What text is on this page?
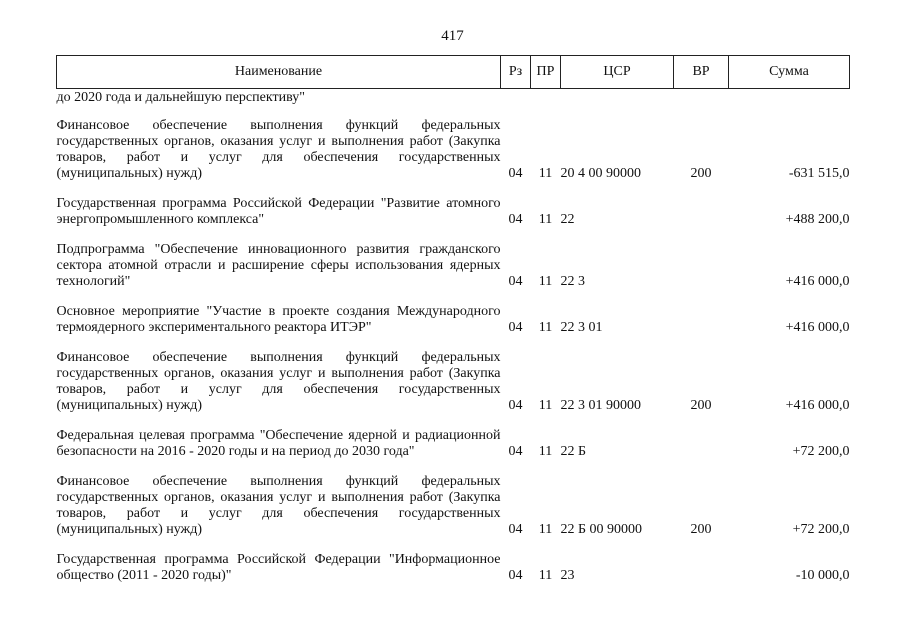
417
Наименование	Рз	ПР	ЦСР	ВР	Сумма
до 2020 года и дальнейшую перспективу"					
Финансовое обеспечение выполнения функций федеральных государственных органов, оказания услуг и выполнения работ (Закупка товаров, работ и услуг для обеспечения государственных (муниципальных) нужд)	04	11	20 4 00 90000	200	-631 515,0
Государственная программа Российской Федерации "Развитие атомного энергопромышленного комплекса"	04	11	22		+488 200,0
Подпрограмма "Обеспечение инновационного развития гражданского сектора атомной отрасли и расширение сферы использования ядерных технологий"	04	11	22 3		+416 000,0
Основное мероприятие "Участие в проекте создания Международного термоядерного экспериментального реактора ИТЭР"	04	11	22 3 01		+416 000,0
Финансовое обеспечение выполнения функций федеральных государственных органов, оказания услуг и выполнения работ (Закупка товаров, работ и услуг для обеспечения государственных (муниципальных) нужд)	04	11	22 3 01 90000	200	+416 000,0
Федеральная целевая программа "Обеспечение ядерной и радиационной безопасности на 2016 - 2020 годы и на период до 2030 года"	04	11	22 Б		+72 200,0
Финансовое обеспечение выполнения функций федеральных государственных органов, оказания услуг и выполнения работ (Закупка товаров, работ и услуг для обеспечения государственных (муниципальных) нужд)	04	11	22 Б 00 90000	200	+72 200,0
Государственная программа Российской Федерации "Информационное общество (2011 - 2020 годы)"	04	11	23		-10 000,0
